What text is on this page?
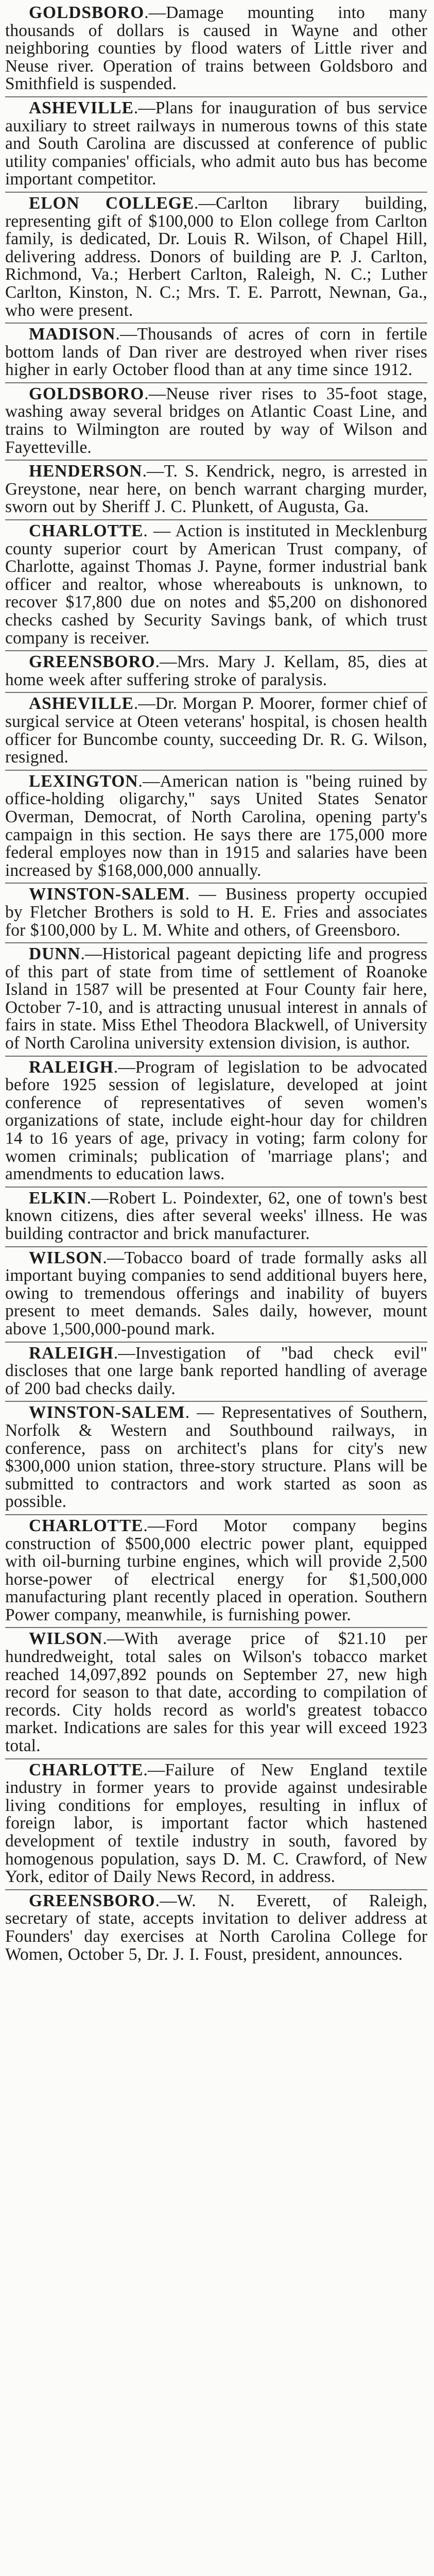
GOLDSBORO.—Damage mounting into many thousands of dollars is caused in Wayne and other neighboring counties by flood waters of Little river and Neuse river. Operation of trains between Goldsboro and Smithfield is suspended.

ASHEVILLE.—Plans for inauguration of bus service auxiliary to street railways in numerous towns of this state and South Carolina are discussed at conference of public utility companies' officials, who admit auto bus has become important competitor.

ELON COLLEGE.—Carlton library building, representing gift of $100,000 to Elon college from Carlton family, is dedicated, Dr. Louis R. Wilson, of Chapel Hill, delivering address. Donors of building are P. J. Carlton, Richmond, Va.; Herbert Carlton, Raleigh, N. C.; Luther Carlton, Kinston, N. C.; Mrs. T. E. Parrott, Newnan, Ga., who were present.

MADISON.—Thousands of acres of corn in fertile bottom lands of Dan river are destroyed when river rises higher in early October flood than at any time since 1912.

GOLDSBORO.—Neuse river rises to 35-foot stage, washing away several bridges on Atlantic Coast Line, and trains to Wilmington are routed by way of Wilson and Fayetteville.

HENDERSON.—T. S. Kendrick, negro, is arrested in Greystone, near here, on bench warrant charging murder, sworn out by Sheriff J. C. Plunkett, of Augusta, Ga.

CHARLOTTE. — Action is instituted in Mecklenburg county superior court by American Trust company, of Charlotte, against Thomas J. Payne, former industrial bank officer and realtor, whose whereabouts is unknown, to recover $17,800 due on notes and $5,200 on dishonored checks cashed by Security Savings bank, of which trust company is receiver.

GREENSBORO.—Mrs. Mary J. Kellam, 85, dies at home week after suffering stroke of paralysis.

ASHEVILLE.—Dr. Morgan P. Moorer, former chief of surgical service at Oteen veterans' hospital, is chosen health officer for Buncombe county, succeeding Dr. R. G. Wilson, resigned.

LEXINGTON.—American nation is "being ruined by office-holding oligarchy," says United States Senator Overman, Democrat, of North Carolina, opening party's campaign in this section. He says there are 175,000 more federal employes now than in 1915 and salaries have been increased by $168,000,000 annually.

WINSTON-SALEM. — Business property occupied by Fletcher Brothers is sold to H. E. Fries and associates for $100,000 by L. M. White and others, of Greensboro.

DUNN.—Historical pageant depicting life and progress of this part of state from time of settlement of Roanoke Island in 1587 will be presented at Four County fair here, October 7-10, and is attracting unusual interest in annals of fairs in state. Miss Ethel Theodora Blackwell, of University of North Carolina university extension division, is author.

RALEIGH.—Program of legislation to be advocated before 1925 session of legislature, developed at joint conference of representatives of seven women's organizations of state, include eight-hour day for children 14 to 16 years of age, privacy in voting; farm colony for women criminals; publication of 'marriage plans'; and amendments to education laws.

ELKIN.—Robert L. Poindexter, 62, one of town's best known citizens, dies after several weeks' illness. He was building contractor and brick manufacturer.

WILSON.—Tobacco board of trade formally asks all important buying companies to send additional buyers here, owing to tremendous offerings and inability of buyers present to meet demands. Sales daily, however, mount above 1,500,000-pound mark.

RALEIGH.—Investigation of "bad check evil" discloses that one large bank reported handling of average of 200 bad checks daily.

WINSTON-SALEM. — Representatives of Southern, Norfolk & Western and Southbound railways, in conference, pass on architect's plans for city's new $300,000 union station, three-story structure. Plans will be submitted to contractors and work started as soon as possible.

CHARLOTTE.—Ford Motor company begins construction of $500,000 electric power plant, equipped with oil-burning turbine engines, which will provide 2,500 horse-power of electrical energy for $1,500,000 manufacturing plant recently placed in operation. Southern Power company, meanwhile, is furnishing power.

WILSON.—With average price of $21.10 per hundredweight, total sales on Wilson's tobacco market reached 14,097,892 pounds on September 27, new high record for season to that date, according to compilation of records. City holds record as world's greatest tobacco market. Indications are sales for this year will exceed 1923 total.

CHARLOTTE.—Failure of New England textile industry in former years to provide against undesirable living conditions for employes, resulting in influx of foreign labor, is important factor which hastened development of textile industry in south, favored by homogenous population, says D. M. C. Crawford, of New York, editor of Daily News Record, in address.

GREENSBORO.—W. N. Everett, of Raleigh, secretary of state, accepts invitation to deliver address at Founders' day exercises at North Carolina College for Women, October 5, Dr. J. I. Foust, president, announces.
